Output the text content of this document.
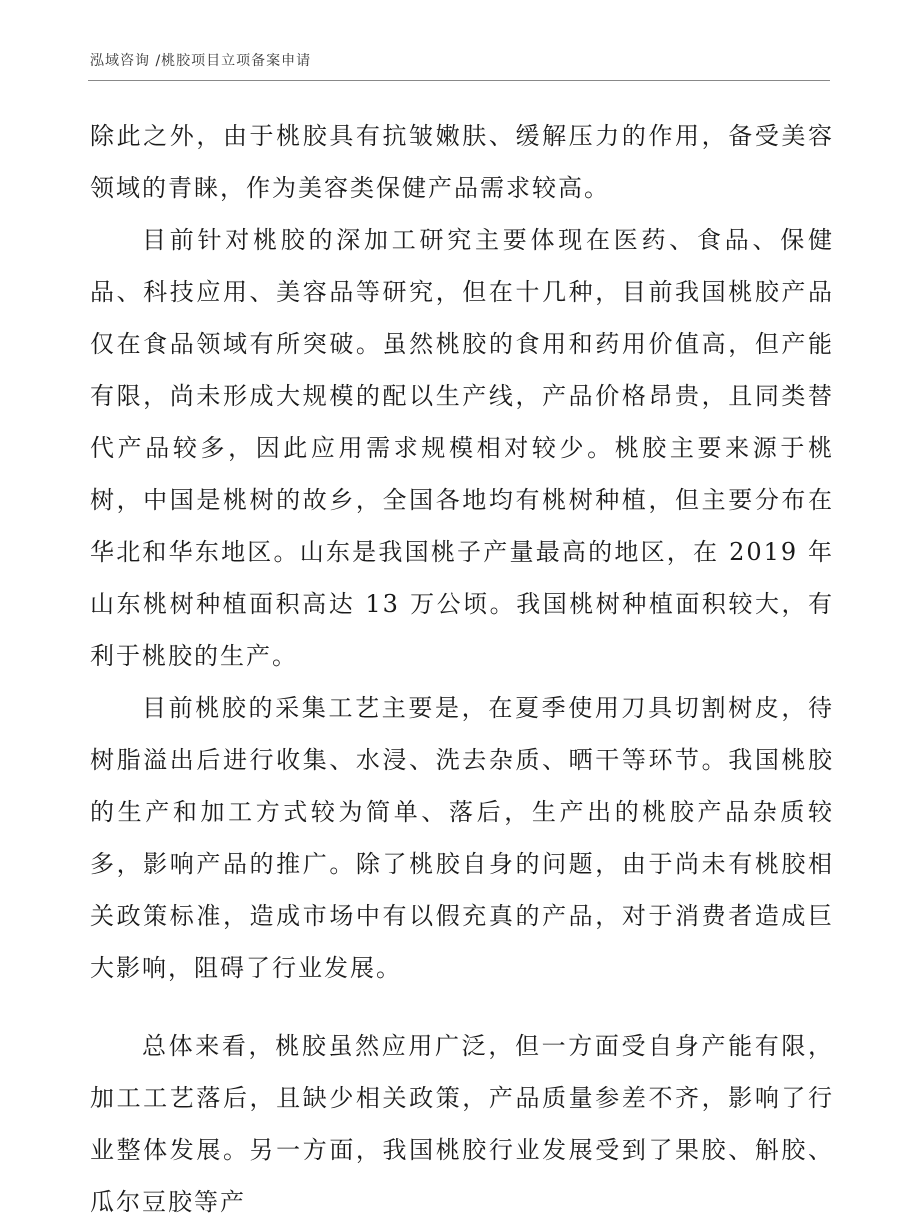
泓域咨询 /桃胶项目立项备案申请

除此之外，由于桃胶具有抗皱嫩肤、缓解压力的作用，备受美容领域的青睐，作为美容类保健产品需求较高。

目前针对桃胶的深加工研究主要体现在医药、食品、保健品、科技应用、美容品等研究，但在十几种，目前我国桃胶产品仅在食品领域有所突破。虽然桃胶的食用和药用价值高，但产能有限，尚未形成大规模的配以生产线，产品价格昂贵，且同类替代产品较多，因此应用需求规模相对较少。桃胶主要来源于桃树，中国是桃树的故乡，全国各地均有桃树种植，但主要分布在华北和华东地区。山东是我国桃子产量最高的地区，在 2019 年山东桃树种植面积高达 13 万公顷。我国桃树种植面积较大，有利于桃胶的生产。

目前桃胶的采集工艺主要是，在夏季使用刀具切割树皮，待树脂溢出后进行收集、水浸、洗去杂质、晒干等环节。我国桃胶的生产和加工方式较为简单、落后，生产出的桃胶产品杂质较多，影响产品的推广。除了桃胶自身的问题，由于尚未有桃胶相关政策标准，造成市场中有以假充真的产品，对于消费者造成巨大影响，阻碍了行业发展。

总体来看，桃胶虽然应用广泛，但一方面受自身产能有限，加工工艺落后，且缺少相关政策，产品质量参差不齐，影响了行业整体发展。另一方面，我国桃胶行业发展受到了果胶、斛胶、瓜尔豆胶等产
